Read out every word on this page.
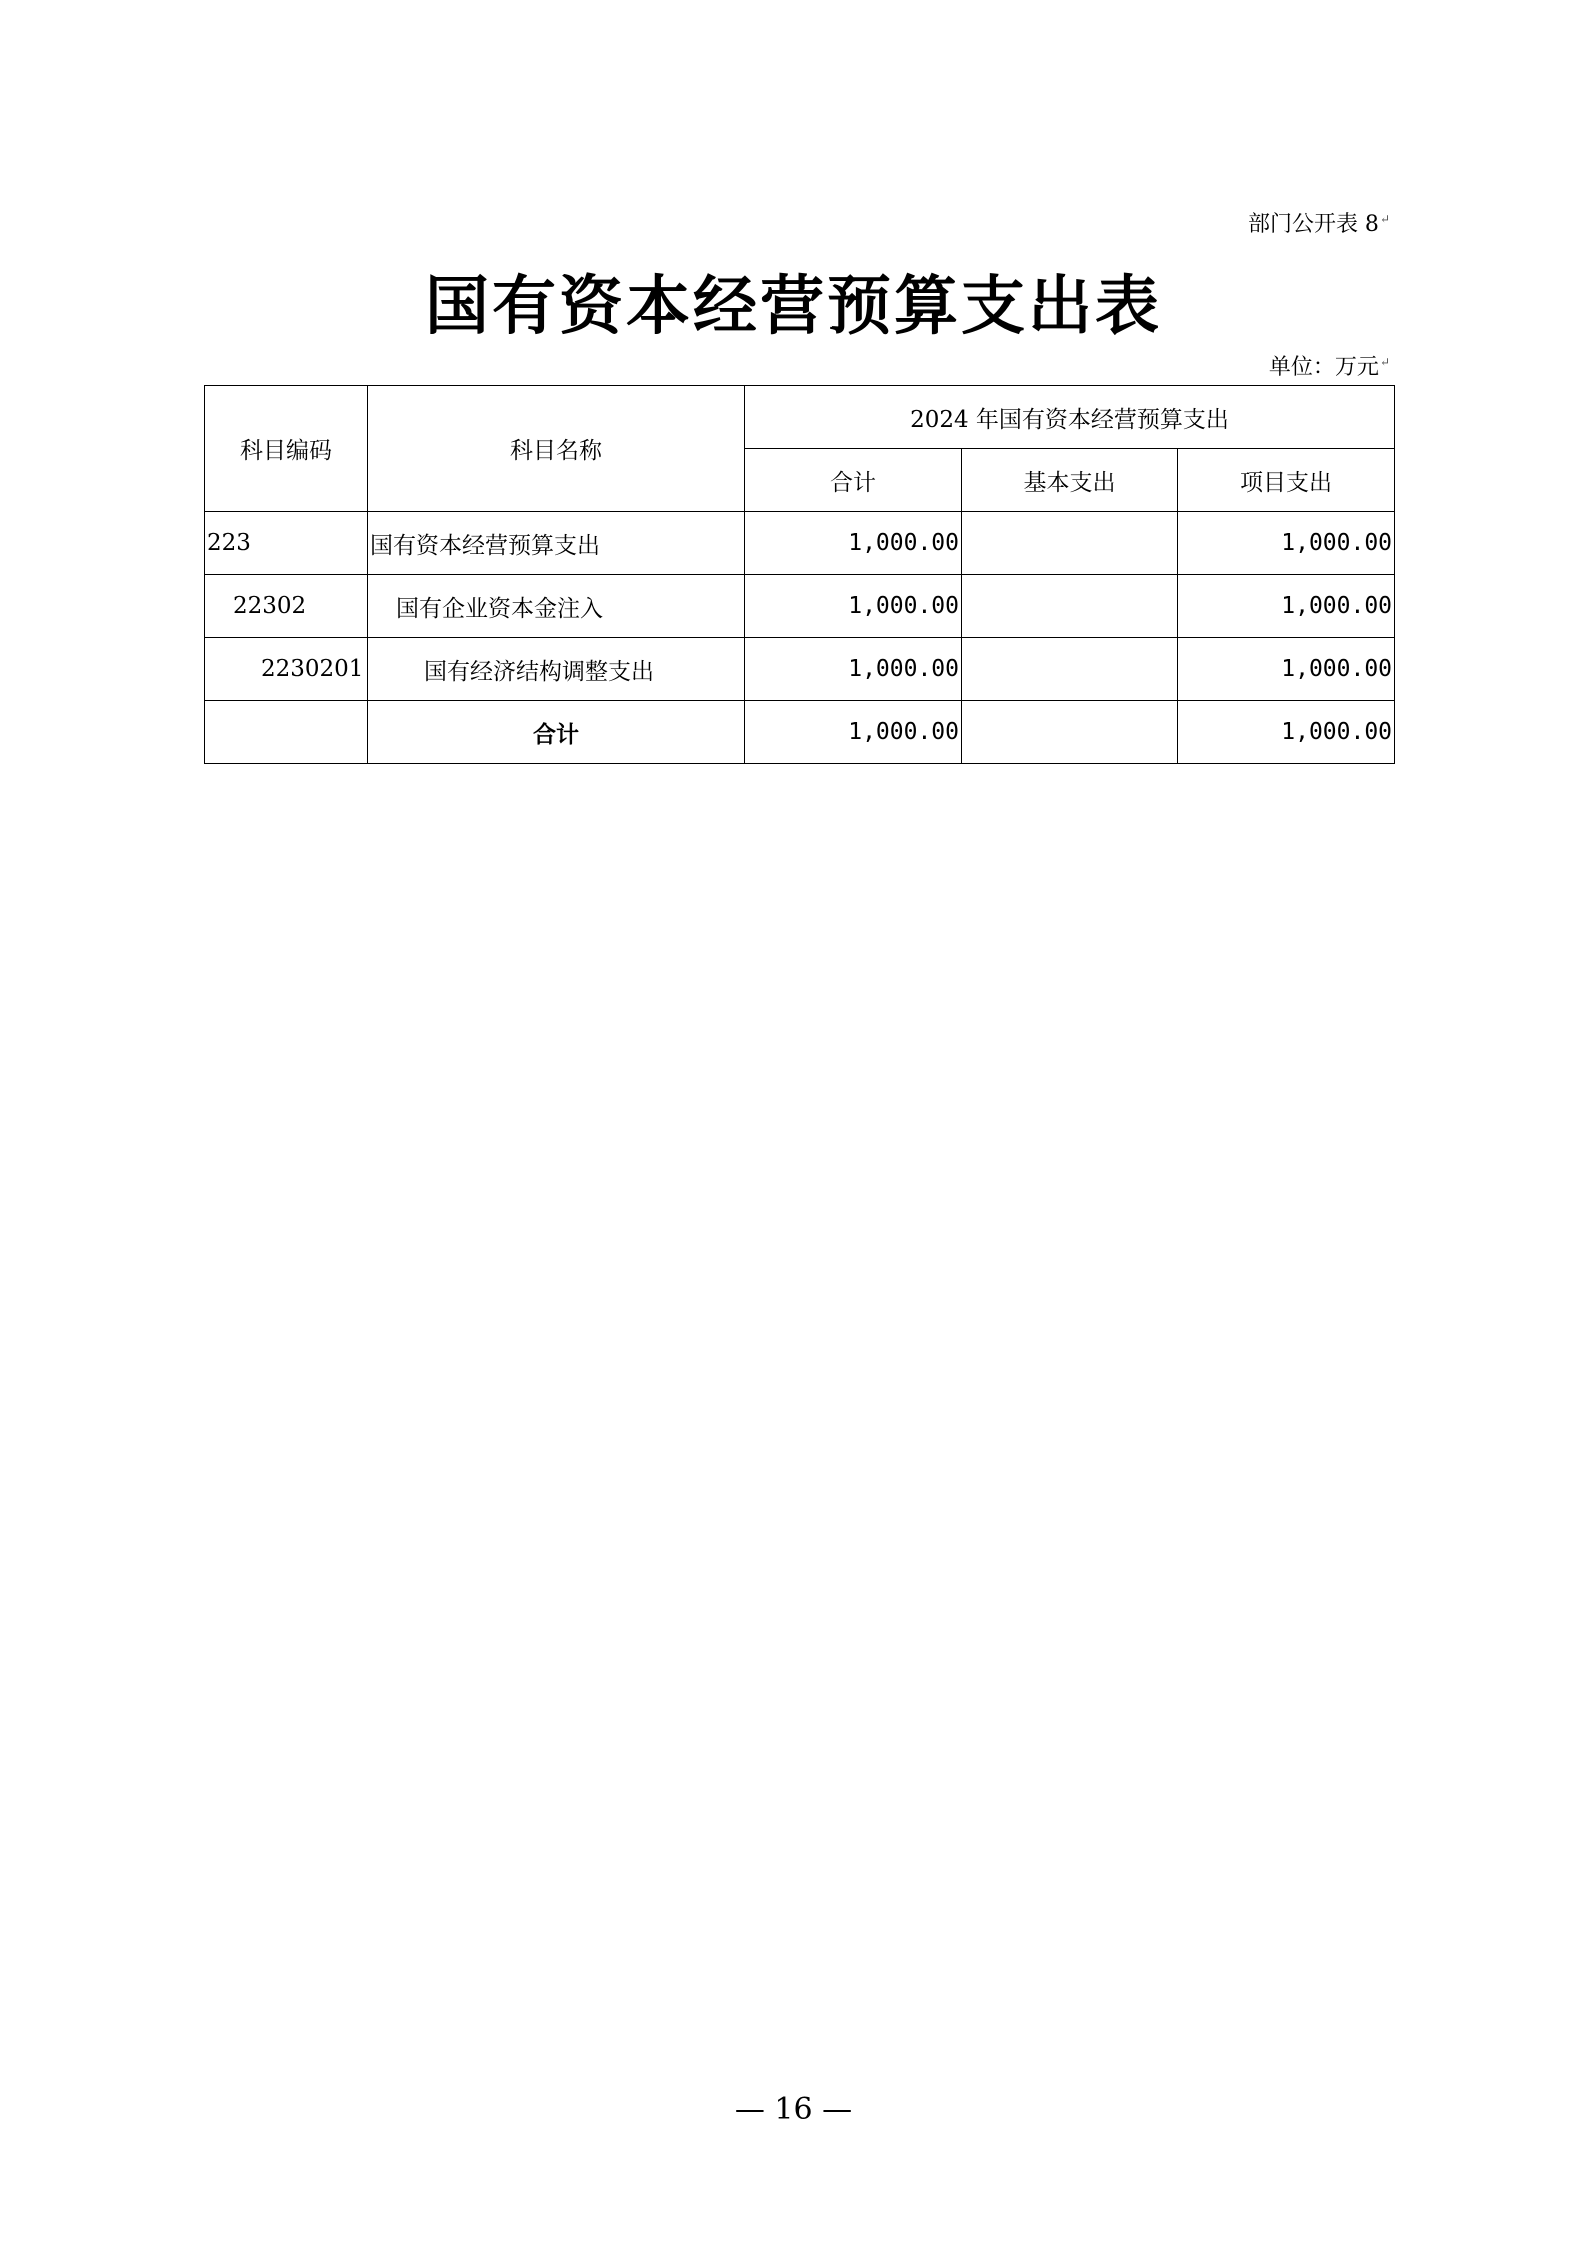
部门公开表 8↵
国有资本经营预算支出表
单位：万元↵
科目编码	科目名称	2024 年国有资本经营预算支出		
		合计	基本支出	项目支出
223	国有资本经营预算支出	1,000.00		1,000.00
22302	国有企业资本金注入	1,000.00		1,000.00
2230201	国有经济结构调整支出	1,000.00		1,000.00
	合计	1,000.00		1,000.00
— 16 —
